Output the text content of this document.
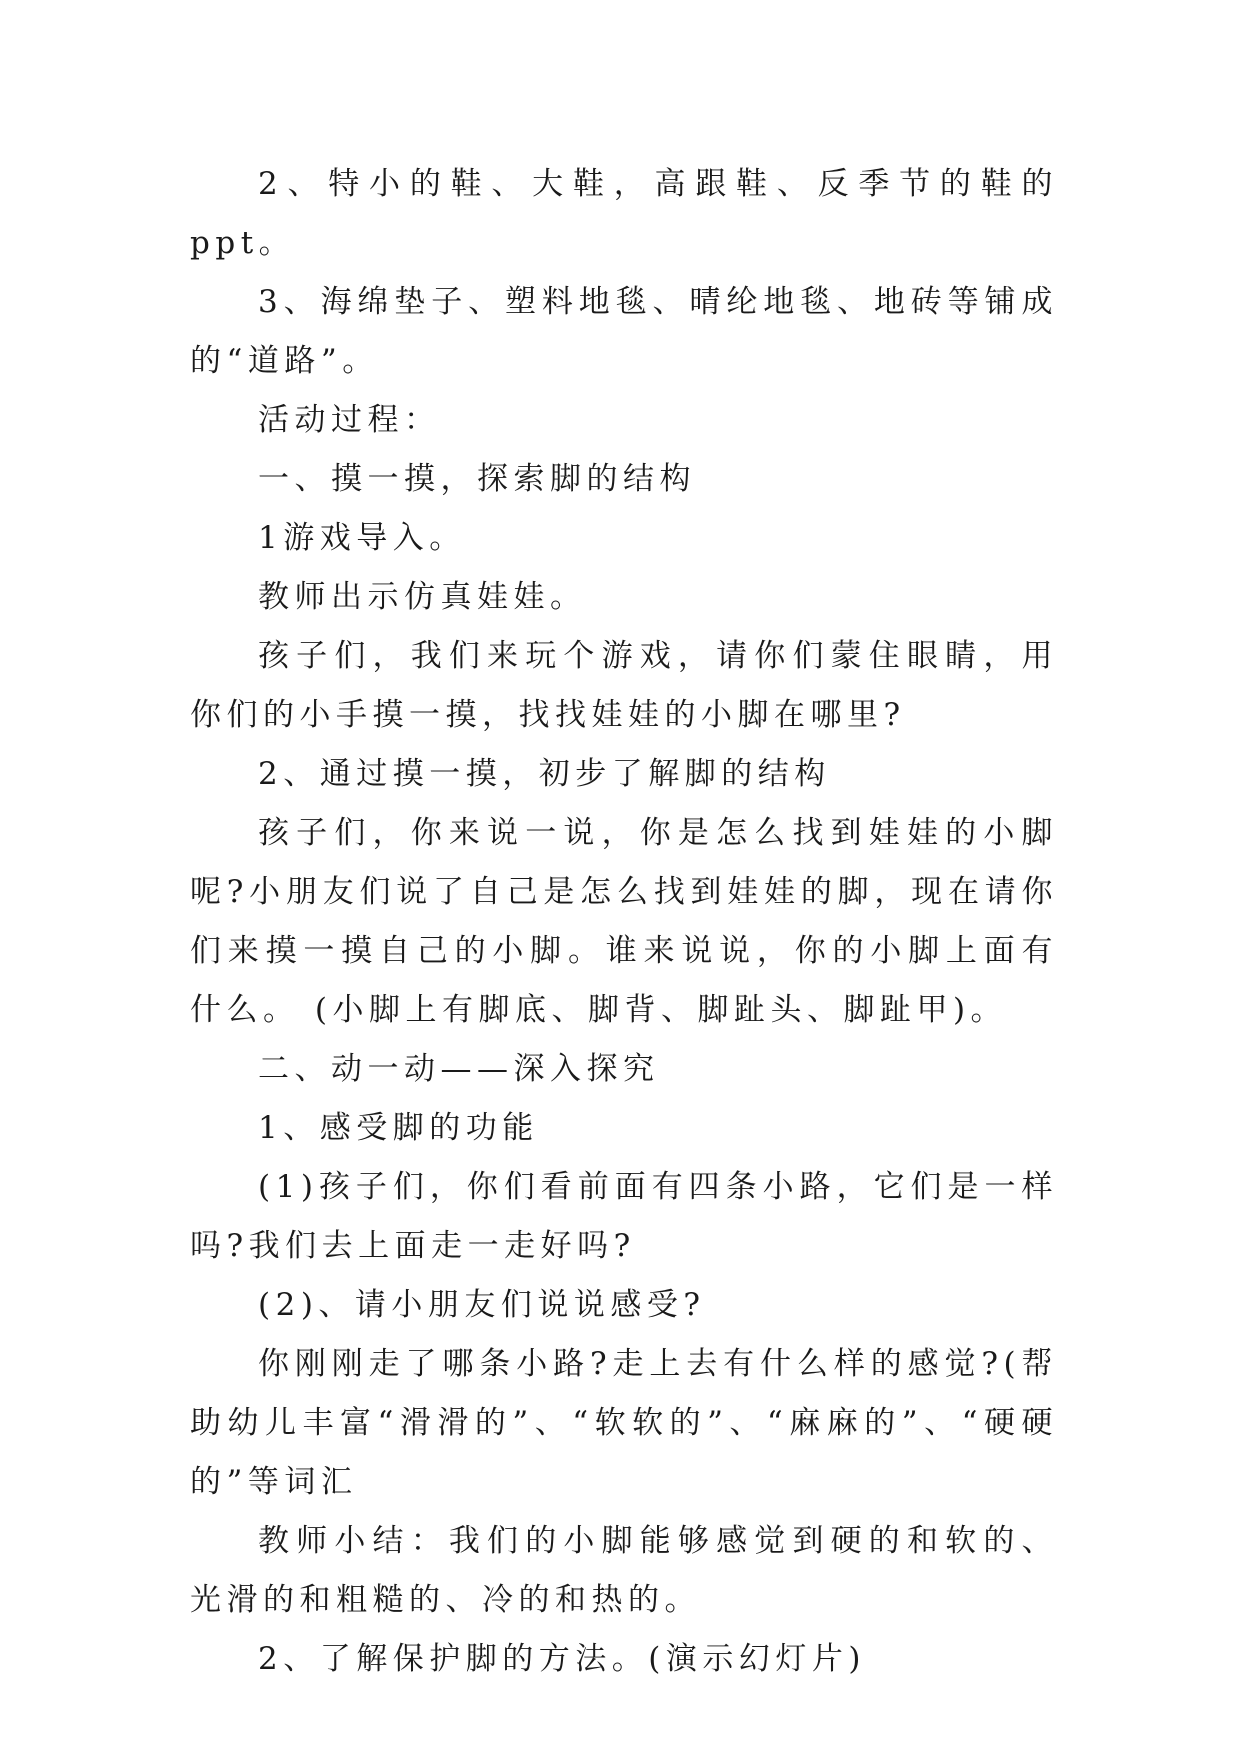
2、特小的鞋、大鞋，高跟鞋、反季节的鞋的ppt。

3、海绵垫子、塑料地毯、晴纶地毯、地砖等铺成的“道路”。

活动过程：

一、摸一摸，探索脚的结构

1游戏导入。

教师出示仿真娃娃。

孩子们，我们来玩个游戏，请你们蒙住眼睛，用你们的小手摸一摸，找找娃娃的小脚在哪里?

2、通过摸一摸，初步了解脚的结构

孩子们，你来说一说，你是怎么找到娃娃的小脚呢?小朋友们说了自己是怎么找到娃娃的脚，现在请你们来摸一摸自己的小脚。谁来说说，你的小脚上面有什么。 (小脚上有脚底、脚背、脚趾头、脚趾甲)。

二、动一动——深入探究

1、感受脚的功能

(1)孩子们，你们看前面有四条小路，它们是一样吗?我们去上面走一走好吗?

(2)、请小朋友们说说感受?

你刚刚走了哪条小路?走上去有什么样的感觉?(帮助幼儿丰富“滑滑的”、“软软的”、“麻麻的”、“硬硬的”等词汇

教师小结：我们的小脚能够感觉到硬的和软的、光滑的和粗糙的、冷的和热的。

2、了解保护脚的方法。(演示幻灯片)
